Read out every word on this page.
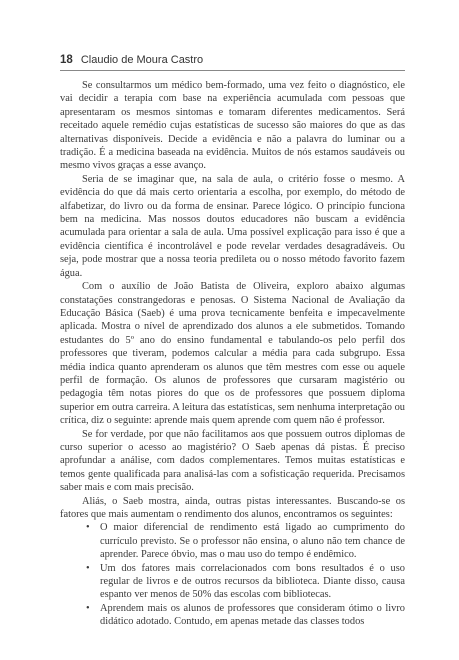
18 Claudio de Moura Castro

Se consultarmos um médico bem-formado, uma vez feito o diagnóstico, ele vai decidir a terapia com base na experiência acumulada com pessoas que apresentaram os mesmos sintomas e tomaram diferentes medicamentos. Será receitado aquele remédio cujas estatísticas de sucesso são maiores do que as das alternativas disponíveis. Decide a evidência e não a palavra do luminar ou a tradição. É a medicina baseada na evidência. Muitos de nós estamos saudáveis ou mesmo vivos graças a esse avanço.

Seria de se imaginar que, na sala de aula, o critério fosse o mesmo. A evidência do que dá mais certo orientaria a escolha, por exemplo, do método de alfabetizar, do livro ou da forma de ensinar. Parece lógico. O princípio funciona bem na medicina. Mas nossos doutos educadores não buscam a evidência acumulada para orientar a sala de aula. Uma possível explicação para isso é que a evidência científica é incontrolável e pode revelar verdades desagradáveis. Ou seja, pode mostrar que a nossa teoria predileta ou o nosso método favorito fazem água.

Com o auxílio de João Batista de Oliveira, exploro abaixo algumas constatações constrangedoras e penosas. O Sistema Nacional de Avaliação da Educação Básica (Saeb) é uma prova tecnicamente benfeita e impecavelmente aplicada. Mostra o nível de aprendizado dos alunos a ele submetidos. Tomando estudantes do 5º ano do ensino fundamental e tabulando-os pelo perfil dos professores que tiveram, podemos calcular a média para cada subgrupo. Essa média indica quanto aprenderam os alunos que têm mestres com esse ou aquele perfil de formação. Os alunos de professores que cursaram magistério ou pedagogia têm notas piores do que os de professores que possuem diploma superior em outra carreira. A leitura das estatísticas, sem nenhuma interpretação ou crítica, diz o seguinte: aprende mais quem aprende com quem não é professor.

Se for verdade, por que não facilitamos aos que possuem outros diplomas de curso superior o acesso ao magistério? O Saeb apenas dá pistas. É preciso aprofundar a análise, com dados complementares. Temos muitas estatísticas e temos gente qualificada para analisá-las com a sofisticação requerida. Precisamos saber mais e com mais precisão.

Aliás, o Saeb mostra, ainda, outras pistas interessantes. Buscando-se os fatores que mais aumentam o rendimento dos alunos, encontramos os seguintes:

• O maior diferencial de rendimento está ligado ao cumprimento do currículo previsto. Se o professor não ensina, o aluno não tem chance de aprender. Parece óbvio, mas o mau uso do tempo é endêmico.
• Um dos fatores mais correlacionados com bons resultados é o uso regular de livros e de outros recursos da biblioteca. Diante disso, causa espanto ver menos de 50% das escolas com bibliotecas.
• Aprendem mais os alunos de professores que consideram ótimo o livro didático adotado. Contudo, em apenas metade das classes todos
